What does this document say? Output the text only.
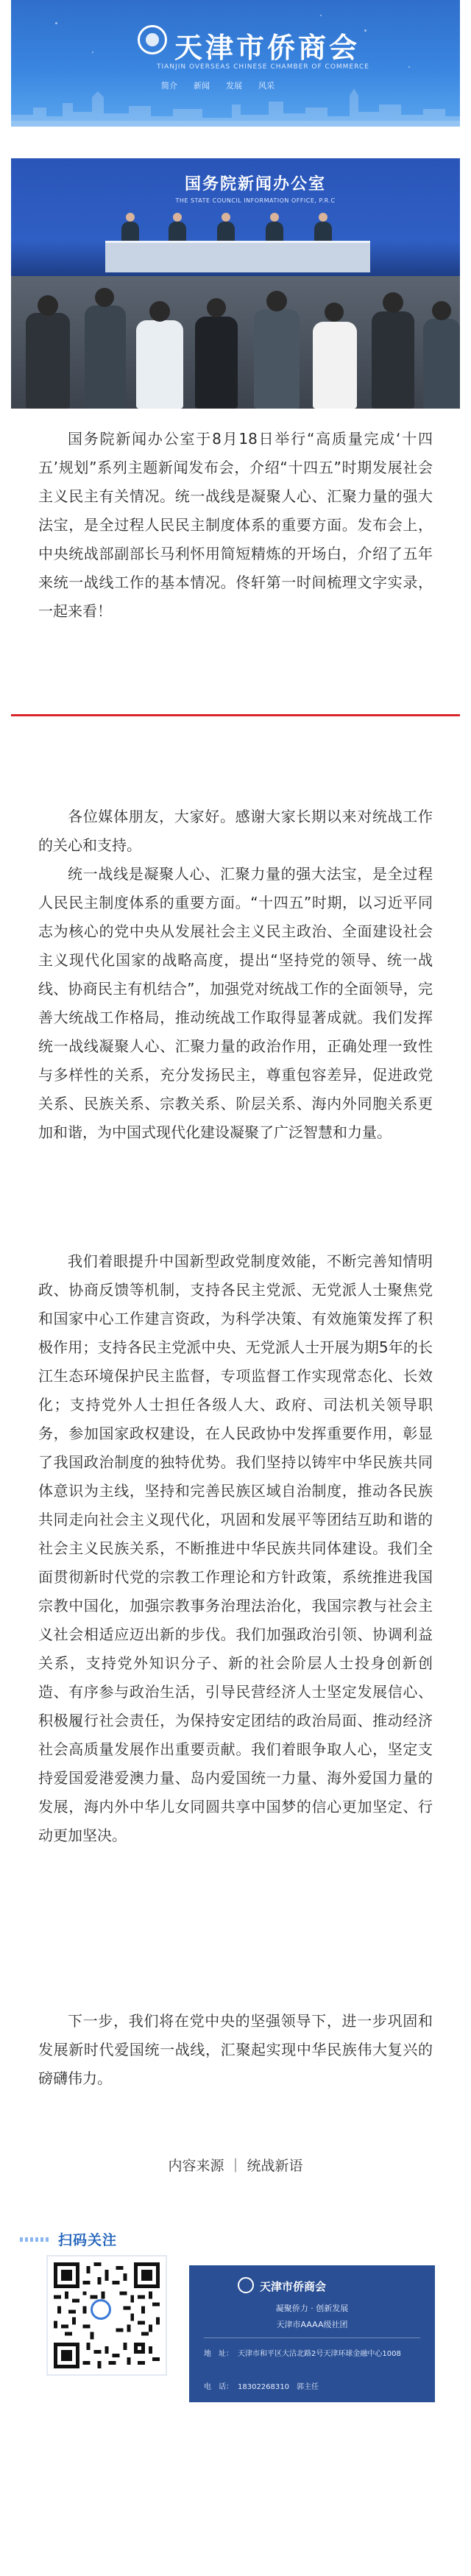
天津市侨商会
TIANJIN OVERSEAS CHINESE CHAMBER OF COMMERCE
简介 新闻 发展 风采
国务院新闻办公室
THE STATE COUNCIL INFORMATION OFFICE, P.R.C

国务院新闻办公室于8月18日举行“高质量完成‘十四五’规划”系列主题新闻发布会，介绍“十四五”时期发展社会主义民主有关情况。统一战线是凝聚人心、汇聚力量的强大法宝，是全过程人民民主制度体系的重要方面。发布会上，中央统战部副部长马利怀用简短精炼的开场白，介绍了五年来统一战线工作的基本情况。佟轩第一时间梳理文字实录，一起来看！

各位媒体朋友，大家好。感谢大家长期以来对统战工作的关心和支持。

统一战线是凝聚人心、汇聚力量的强大法宝，是全过程人民民主制度体系的重要方面。“十四五”时期，以习近平同志为核心的党中央从发展社会主义民主政治、全面建设社会主义现代化国家的战略高度，提出“坚持党的领导、统一战线、协商民主有机结合”，加强党对统战工作的全面领导，完善大统战工作格局，推动统战工作取得显著成就。我们发挥统一战线凝聚人心、汇聚力量的政治作用，正确处理一致性与多样性的关系，充分发扬民主，尊重包容差异，促进政党关系、民族关系、宗教关系、阶层关系、海内外同胞关系更加和谐，为中国式现代化建设凝聚了广泛智慧和力量。

我们着眼提升中国新型政党制度效能，不断完善知情明政、协商反馈等机制，支持各民主党派、无党派人士聚焦党和国家中心工作建言资政，为科学决策、有效施策发挥了积极作用；支持各民主党派中央、无党派人士开展为期5年的长江生态环境保护民主监督，专项监督工作实现常态化、长效化；支持党外人士担任各级人大、政府、司法机关领导职务，参加国家政权建设，在人民政协中发挥重要作用，彰显了我国政治制度的独特优势。我们坚持以铸牢中华民族共同体意识为主线，坚持和完善民族区域自治制度，推动各民族共同走向社会主义现代化，巩固和发展平等团结互助和谐的社会主义民族关系，不断推进中华民族共同体建设。我们全面贯彻新时代党的宗教工作理论和方针政策，系统推进我国宗教中国化，加强宗教事务治理法治化，我国宗教与社会主义社会相适应迈出新的步伐。我们加强政治引领、协调利益关系，支持党外知识分子、新的社会阶层人士投身创新创造、有序参与政治生活，引导民营经济人士坚定发展信心、积极履行社会责任，为保持安定团结的政治局面、推动经济社会高质量发展作出重要贡献。我们着眼争取人心，坚定支持爱国爱港爱澳力量、岛内爱国统一力量、海外爱国力量的发展，海内外中华儿女同圆共享中国梦的信心更加坚定、行动更加坚决。

下一步，我们将在党中央的坚强领导下，进一步巩固和发展新时代爱国统一战线，汇聚起实现中华民族伟大复兴的磅礴伟力。

内容来源 ｜ 统战新语
扫码关注
天津市侨商会
凝聚侨力 · 创新发展
天津市AAAA级社团
地　址： 天津市和平区大沽北路2号天津环球金融中心1008
电　话： 18302268310　郭主任
